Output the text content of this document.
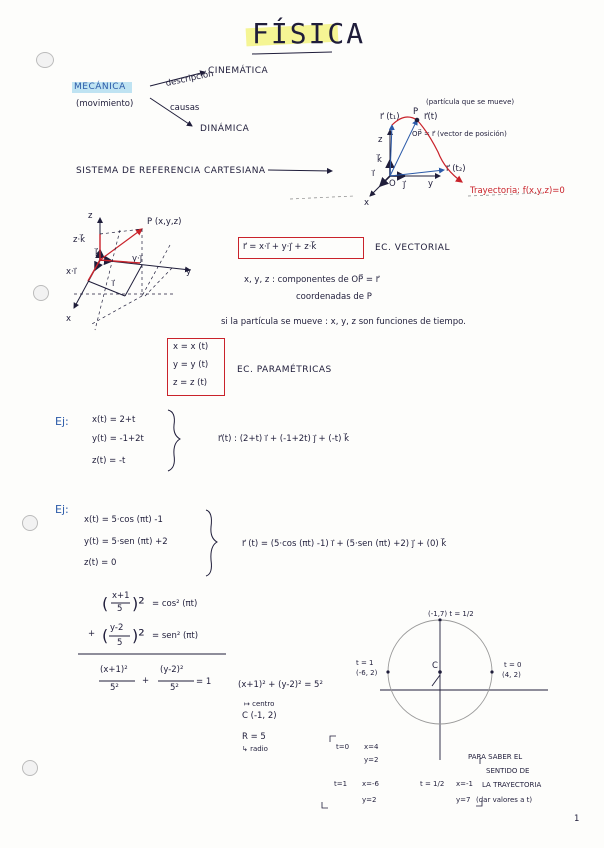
FÍSICA
MECÁNICA
(movimiento)
descripción
CINEMÁTICA
causas
DINÁMICA
SISTEMA DE REFERENCIA CARTESIANA
(partícula que se mueve)
r⃗ (t₁) P r⃗(t)
OP⃗ = r⃗ (vector de posición)
z
k⃗
ı⃗
O j⃗	y
x
r⃗ (t₂)
Trayectoria: f(x,y,z)=0
z
P (x,y,z)
z·k⃗
k⃗	y·j⃗
x·ı⃗
ı⃗
y
x
r⃗ = x·ı⃗ + y·j⃗ + z·k⃗	EC. VECTORIAL
x, y, z : componentes de OP⃗ = r⃗
coordenadas de P
si la partícula se mueve : x, y, z son funciones de tiempo.
x = x (t)
y = y (t)
z = z (t)
EC. PARAMÉTRICAS
Ej:	x(t) = 2+t
y(t) = -1+2t
z(t) = -t
r⃗(t) : (2+t) ı⃗ + (-1+2t) j⃗ + (-t) k⃗
Ej:
x(t) = 5·cos (πt) -1
y(t) = 5·sen (πt) +2
z(t) = 0
r⃗ (t) = (5·cos (πt) -1) ı⃗ + (5·sen (πt) +2) j⃗ + (0) k⃗
( x+1
5 )² = cos² (πt)
+ ( y-2
5 )² = sen² (πt)
(x+1)²
5²
+
(y-2)²
5²
= 1	(x+1)² + (y-2)² = 5²
↦ centro
C (-1, 2)
R = 5
↳ radio
(-1,7) t = 1/2
t = 1
(-6, 2)
C	t = 0
(4, 2)
t=0 x=4
y=2
t=1 x=-6
y=2
t = 1/2 x=-1
y=7
PARA SABER EL
SENTIDO DE
LA TRAYECTORIA
(dar valores a t)
1
